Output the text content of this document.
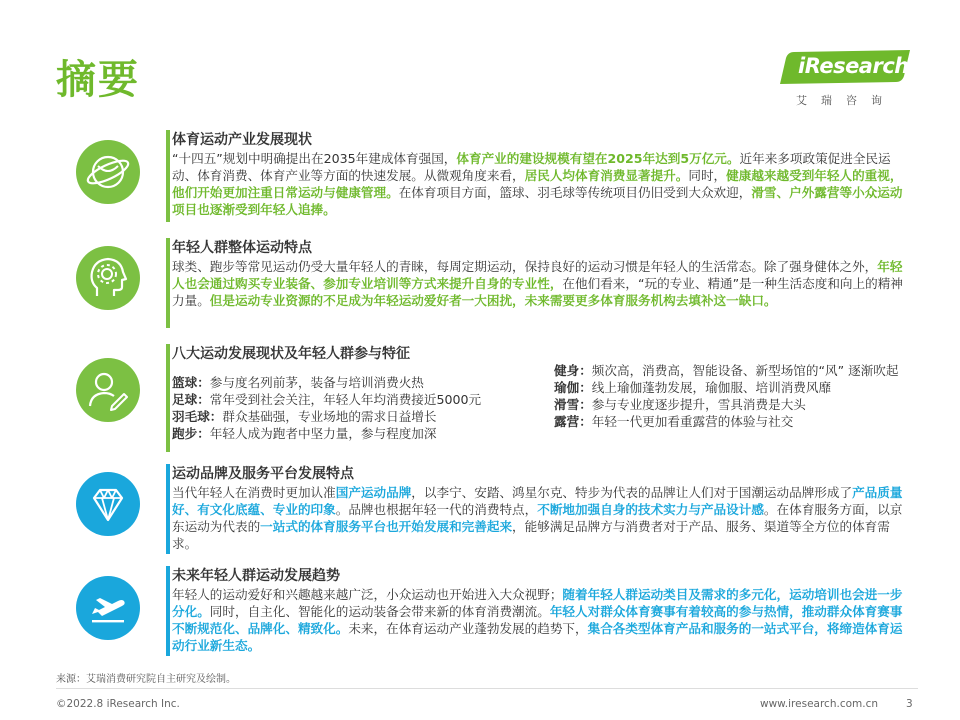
摘要	iResearch
艾瑞咨询
体育运动产业发展现状
“十四五”规划中明确提出在2035年建成体育强国，体育产业的建设规模有望在2025年达到5万亿元。近年来多项政策促进全民运动、体育消费、体育产业等方面的快速发展。从微观角度来看，居民人均体育消费显著提升。同时，健康越来越受到年轻人的重视，他们开始更加注重日常运动与健康管理。在体育项目方面，篮球、羽毛球等传统项目仍旧受到大众欢迎，滑雪、户外露营等小众运动项目也逐渐受到年轻人追捧。
年轻人群整体运动特点
球类、跑步等常见运动仍受大量年轻人的青睐，每周定期运动，保持良好的运动习惯是年轻人的生活常态。除了强身健体之外，年轻人也会通过购买专业装备、参加专业培训等方式来提升自身的专业性，在他们看来，“玩的专业、精通”是一种生活态度和向上的精神力量。但是运动专业资源的不足成为年轻运动爱好者一大困扰，未来需要更多体育服务机构去填补这一缺口。
八大运动发展现状及年轻人群参与特征
篮球：参与度名列前茅，装备与培训消费火热
足球：常年受到社会关注，年轻人年均消费接近5000元
羽毛球：群众基础强，专业场地的需求日益增长
跑步：年轻人成为跑者中坚力量，参与程度加深
健身：频次高，消费高，智能设备、新型场馆的“风” 逐渐吹起
瑜伽：线上瑜伽蓬勃发展，瑜伽服、培训消费风靡
滑雪：参与专业度逐步提升，雪具消费是大头
露营：年轻一代更加看重露营的体验与社交
运动品牌及服务平台发展特点
当代年轻人在消费时更加认准国产运动品牌，以李宁、安踏、鸿星尔克、特步为代表的品牌让人们对于国潮运动品牌形成了产品质量好、有文化底蕴、专业的印象。品牌也根据年轻一代的消费特点，不断地加强自身的技术实力与产品设计感。在体育服务方面，以京东运动为代表的一站式的体育服务平台也开始发展和完善起来，能够满足品牌方与消费者对于产品、服务、渠道等全方位的体育需求。
未来年轻人群运动发展趋势
年轻人的运动爱好和兴趣越来越广泛，小众运动也开始进入大众视野；随着年轻人群运动类目及需求的多元化，运动培训也会进一步分化。同时，自主化、智能化的运动装备会带来新的体育消费潮流。年轻人对群众体育赛事有着较高的参与热情，推动群众体育赛事不断规范化、品牌化、精致化。未来，在体育运动产业蓬勃发展的趋势下，集合各类型体育产品和服务的一站式平台，将缔造体育运动行业新生态。
来源：艾瑞消费研究院自主研究及绘制。
©2022.8 iResearch Inc.	www.iresearch.com.cn	3
